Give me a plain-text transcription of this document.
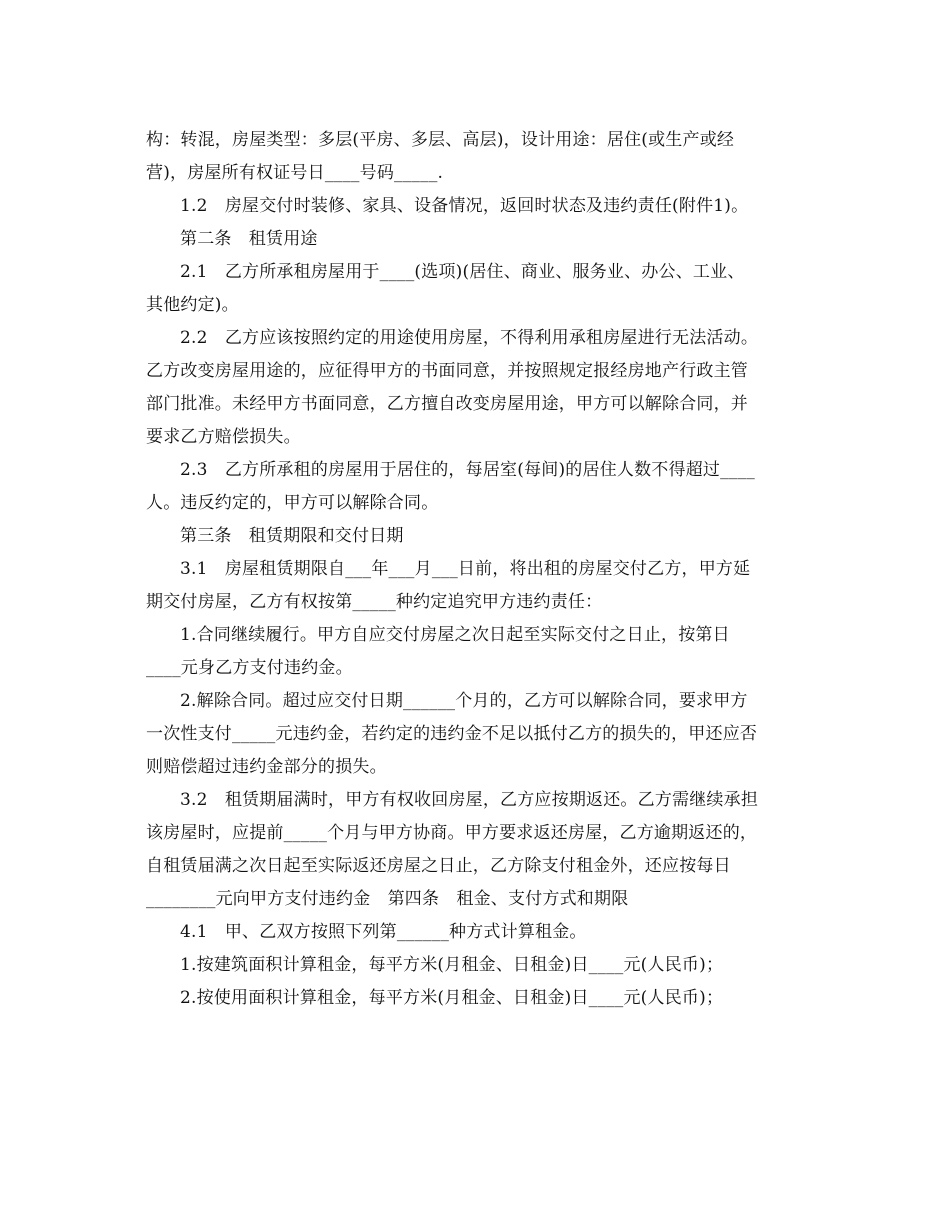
构：转混，房屋类型：多层(平房、多层、高层)，设计用途：居住(或生产或经
营)，房屋所有权证号日____号码_____.
1.2　房屋交付时装修、家具、设备情况，返回时状态及违约责任(附件1)。
第二条　租赁用途
2.1　乙方所承租房屋用于____(选项)(居住、商业、服务业、办公、工业、
其他约定)。
2.2　乙方应该按照约定的用途使用房屋，不得利用承租房屋进行无法活动。
乙方改变房屋用途的，应征得甲方的书面同意，并按照规定报经房地产行政主管
部门批准。未经甲方书面同意，乙方擅自改变房屋用途，甲方可以解除合同，并
要求乙方赔偿损失。
2.3　乙方所承租的房屋用于居住的，每居室(每间)的居住人数不得超过____
人。违反约定的，甲方可以解除合同。
第三条　租赁期限和交付日期
3.1　房屋租赁期限自___年___月___日前，将出租的房屋交付乙方，甲方延
期交付房屋，乙方有权按第_____种约定追究甲方违约责任：
1.合同继续履行。甲方自应交付房屋之次日起至实际交付之日止，按第日
____元身乙方支付违约金。
2.解除合同。超过应交付日期______个月的，乙方可以解除合同，要求甲方
一次性支付_____元违约金，若约定的违约金不足以抵付乙方的损失的，甲还应否
则赔偿超过违约金部分的损失。
3.2　租赁期届满时，甲方有权收回房屋，乙方应按期返还。乙方需继续承担
该房屋时，应提前_____个月与甲方协商。甲方要求返还房屋，乙方逾期返还的，
自租赁届满之次日起至实际返还房屋之日止，乙方除支付租金外，还应按每日
________元向甲方支付违约金　第四条　租金、支付方式和期限
4.1　甲、乙双方按照下列第______种方式计算租金。
1.按建筑面积计算租金，每平方米(月租金、日租金)日____元(人民币)；
2.按使用面积计算租金，每平方米(月租金、日租金)日____元(人民币)；
